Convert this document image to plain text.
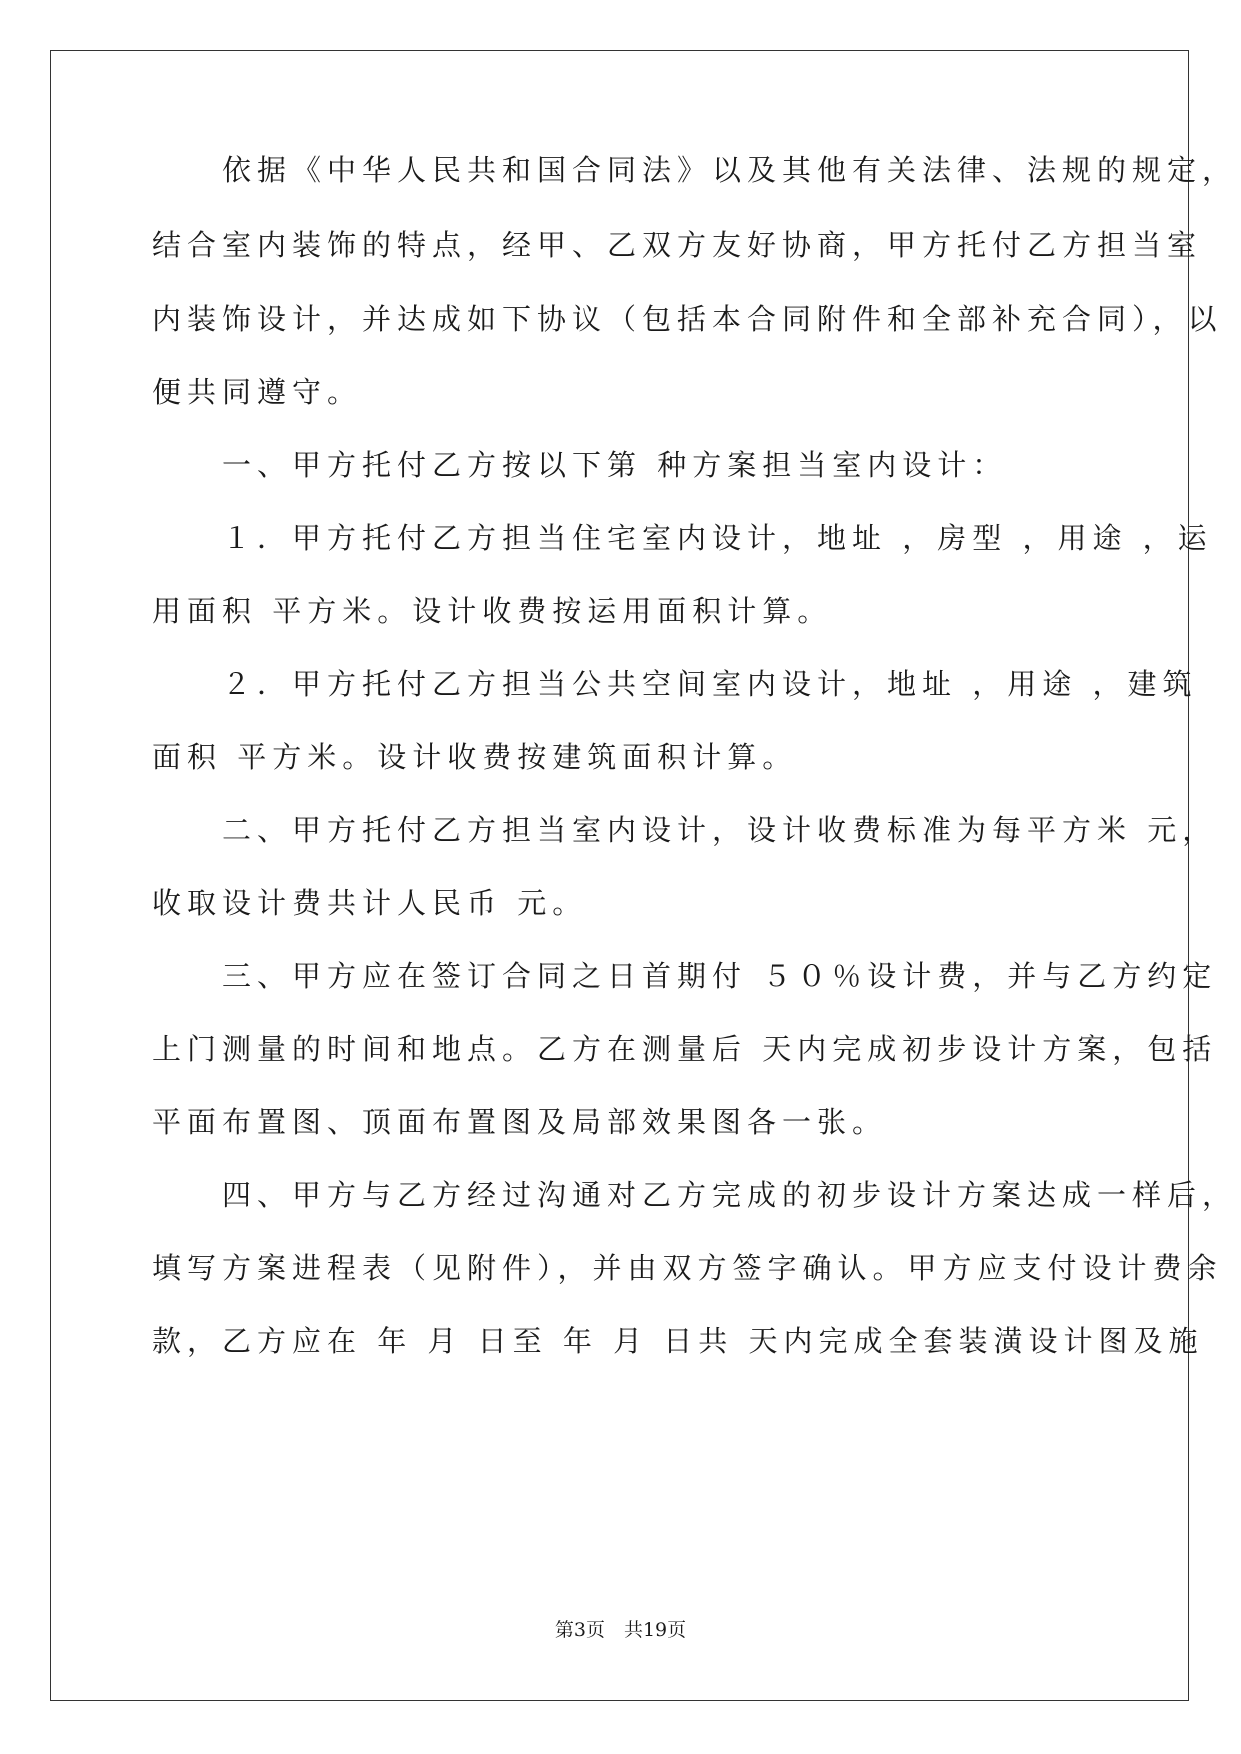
　　依据《中华人民共和国合同法》以及其他有关法律、法规的规定，
结合室内装饰的特点，经甲、乙双方友好协商，甲方托付乙方担当室
内装饰设计，并达成如下协议（包括本合同附件和全部补充合同），以
便共同遵守。
　　一、甲方托付乙方按以下第 种方案担当室内设计：
　　１．甲方托付乙方担当住宅室内设计，地址 ，房型 ，用途 ，运
用面积 平方米。设计收费按运用面积计算。
　　２．甲方托付乙方担当公共空间室内设计，地址 ，用途 ，建筑
面积 平方米。设计收费按建筑面积计算。
　　二、甲方托付乙方担当室内设计，设计收费标准为每平方米 元，
收取设计费共计人民币 元。
　　三、甲方应在签订合同之日首期付 ５０％设计费，并与乙方约定
上门测量的时间和地点。乙方在测量后 天内完成初步设计方案，包括
平面布置图、顶面布置图及局部效果图各一张。
　　四、甲方与乙方经过沟通对乙方完成的初步设计方案达成一样后，
填写方案进程表（见附件），并由双方签字确认。甲方应支付设计费余
款，乙方应在 年 月 日至 年 月 日共 天内完成全套装潢设计图及施
第3页　共19页
